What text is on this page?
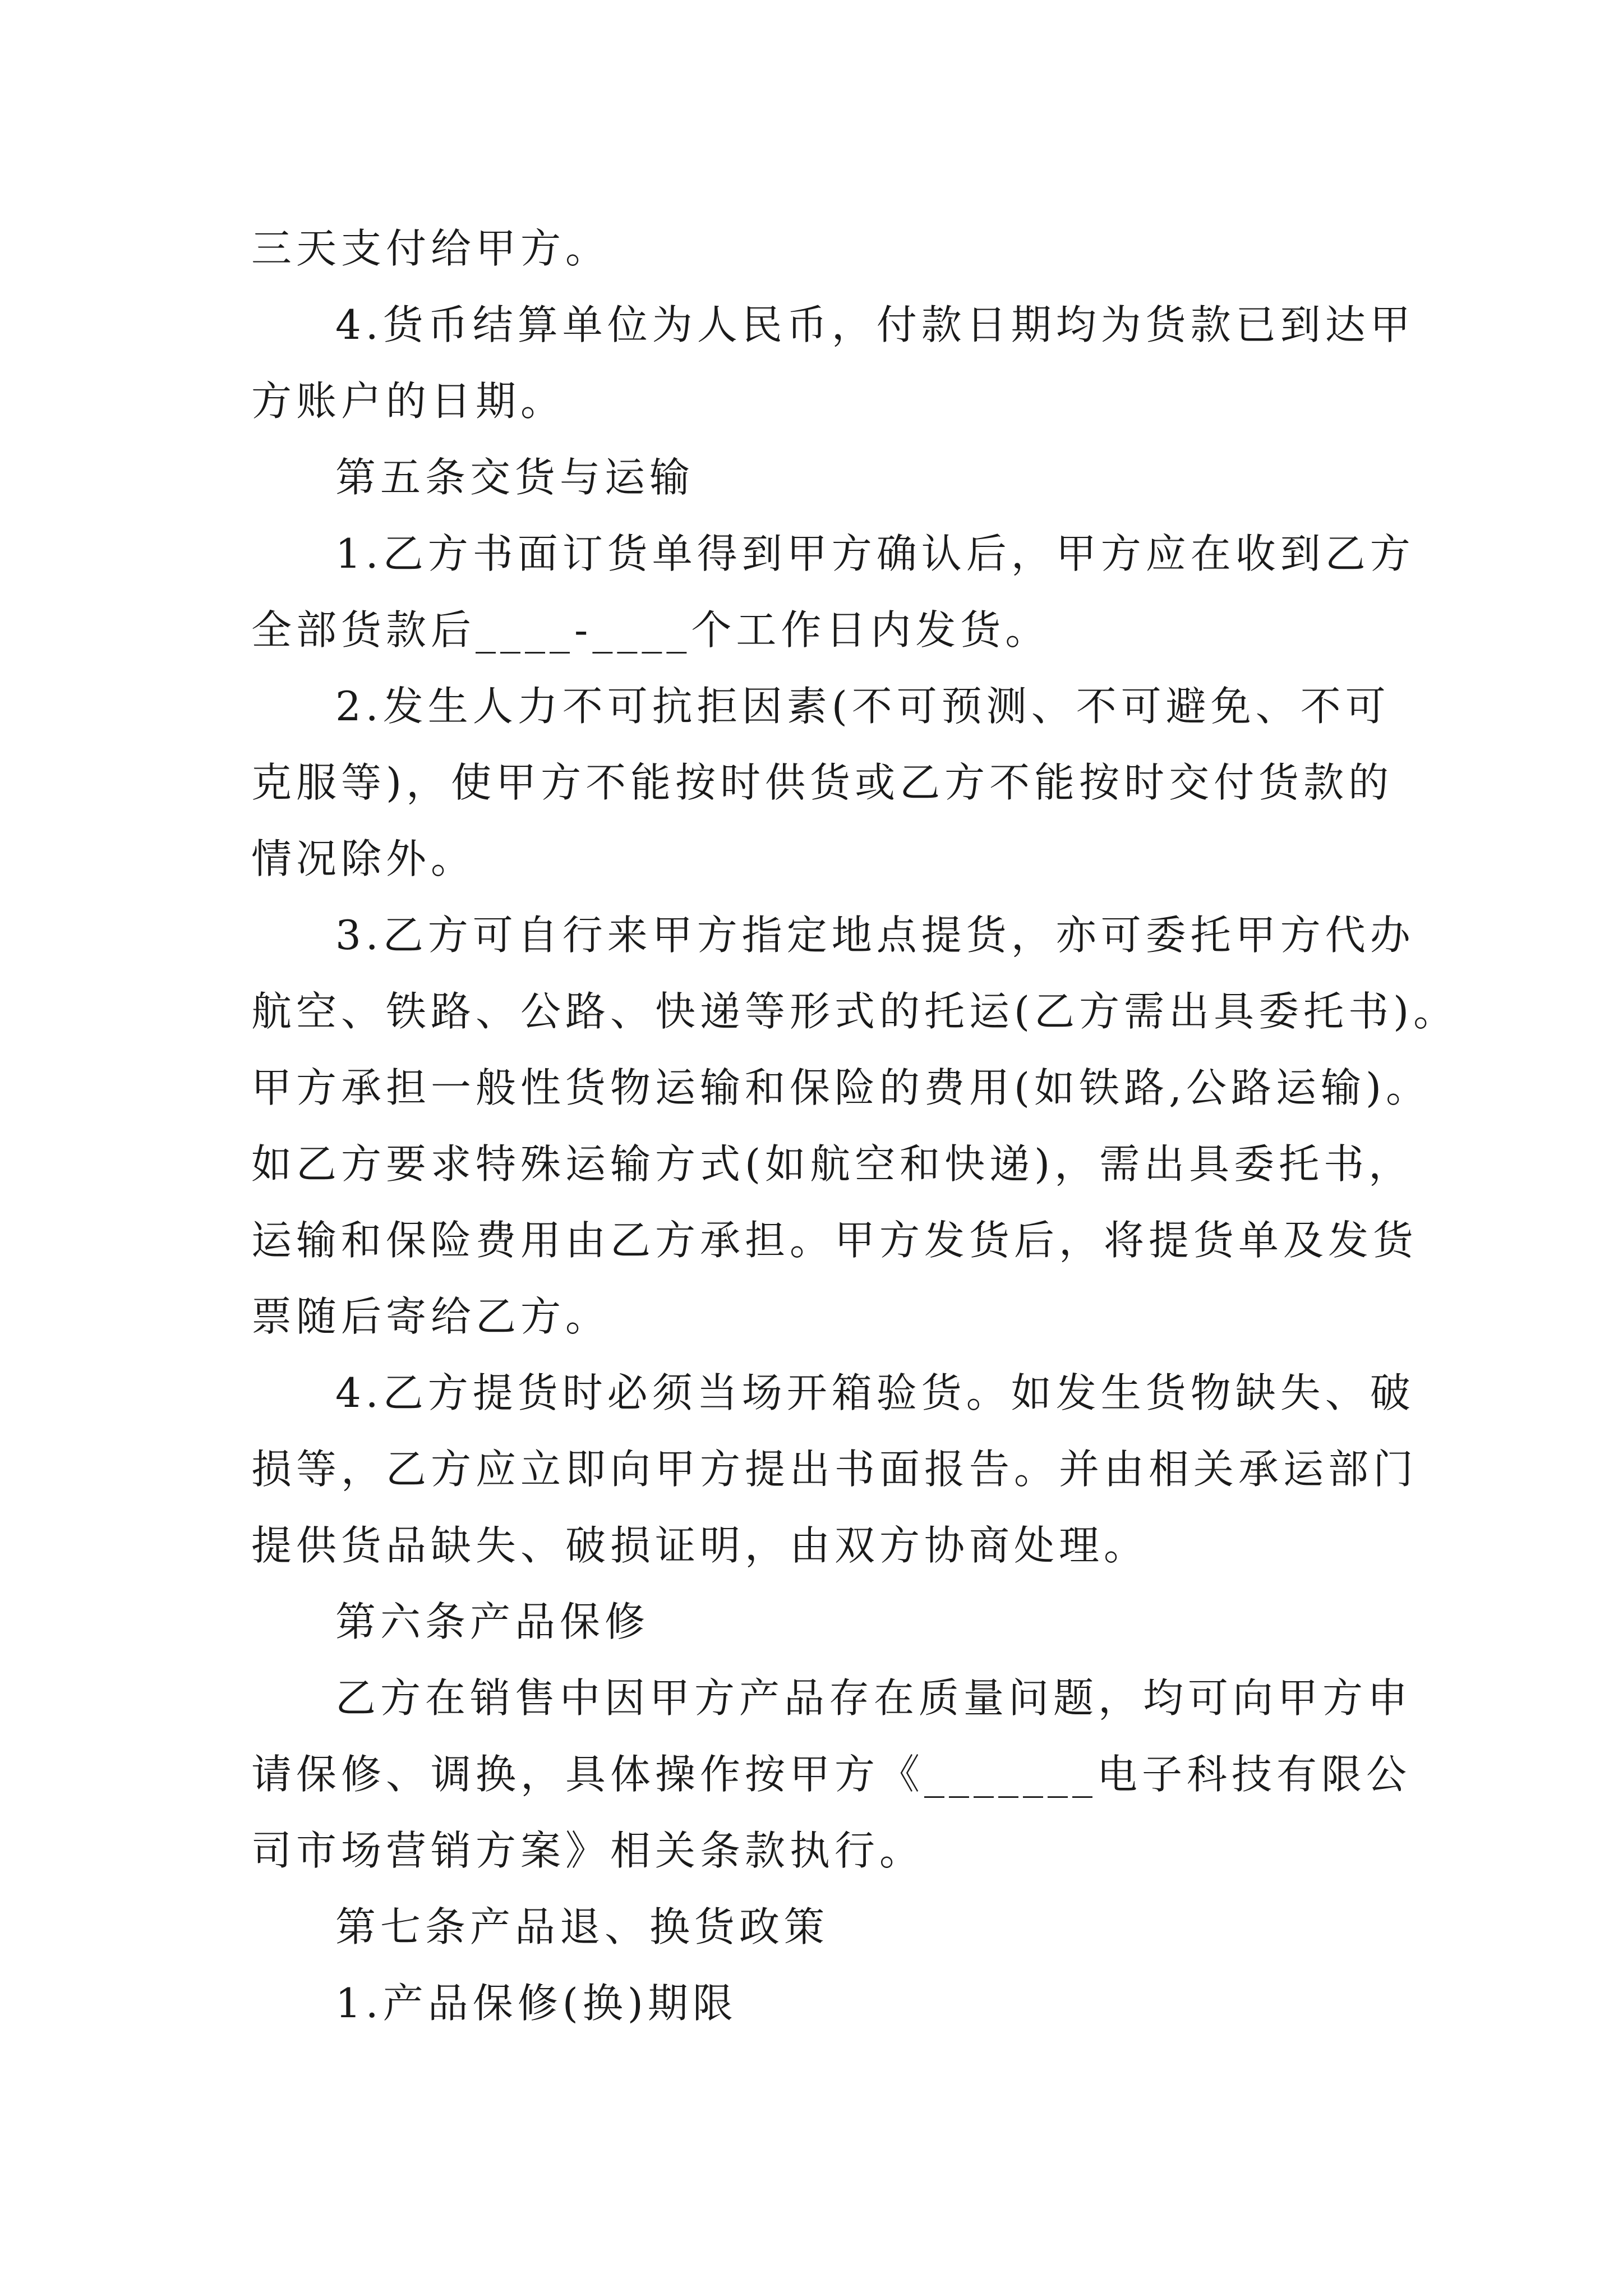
三天支付给甲方。
4.货币结算单位为人民币，付款日期均为货款已到达甲
方账户的日期。
第五条交货与运输
1.乙方书面订货单得到甲方确认后，甲方应在收到乙方
全部货款后____-____个工作日内发货。
2.发生人力不可抗拒因素(不可预测、不可避免、不可
克服等)，使甲方不能按时供货或乙方不能按时交付货款的
情况除外。
3.乙方可自行来甲方指定地点提货，亦可委托甲方代办
航空、铁路、公路、快递等形式的托运(乙方需出具委托书)。
甲方承担一般性货物运输和保险的费用(如铁路,公路运输)。
如乙方要求特殊运输方式(如航空和快递)，需出具委托书，
运输和保险费用由乙方承担。甲方发货后，将提货单及发货
票随后寄给乙方。
4.乙方提货时必须当场开箱验货。如发生货物缺失、破
损等，乙方应立即向甲方提出书面报告。并由相关承运部门
提供货品缺失、破损证明，由双方协商处理。
第六条产品保修
乙方在销售中因甲方产品存在质量问题，均可向甲方申
请保修、调换，具体操作按甲方《_______电子科技有限公
司市场营销方案》相关条款执行。
第七条产品退、换货政策
1.产品保修(换)期限
